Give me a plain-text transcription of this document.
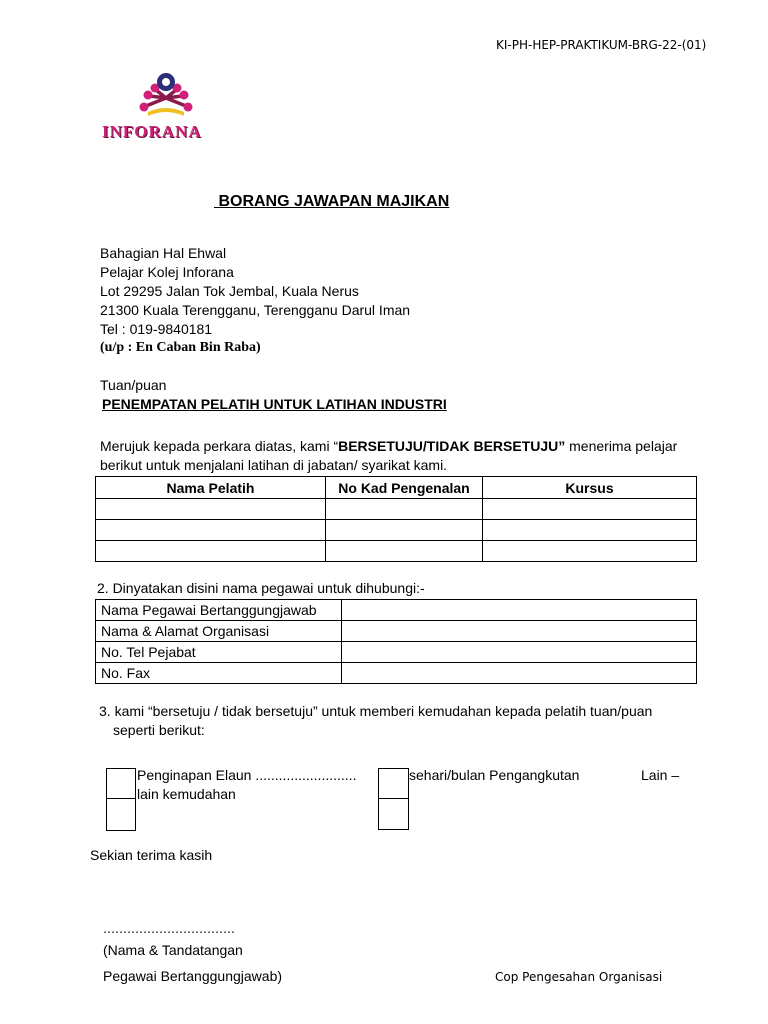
KI-PH-HEP-PRAKTIKUM-BRG-22-(01)
INFORANA
BORANG JAWAPAN MAJIKAN
Bahagian Hal Ehwal
Pelajar Kolej Inforana
Lot 29295 Jalan Tok Jembal, Kuala Nerus
21300 Kuala Terengganu, Terengganu Darul Iman
Tel : 019-9840181
(u/p : En Caban Bin Raba)
Tuan/puan
PENEMPATAN PELATIH UNTUK LATIHAN INDUSTRI
Merujuk kepada perkara diatas, kami “BERSETUJU/TIDAK BERSETUJU” menerima pelajar
berikut untuk menjalani latihan di jabatan/ syarikat kami.
Nama Pelatih	No Kad Pengenalan	Kursus

2. Dinyatakan disini nama pegawai untuk dihubungi:-
Nama Pegawai Bertanggungjawab	
Nama & Alamat Organisasi	
No. Tel Pejabat	
No. Fax	
3. kami “bersetuju / tidak bersetuju” untuk memberi kemudahan kepada pelatih tuan/puan
seperti berikut:
Penginapan Elaun ..........................	sehari/bulan Pengangkutan	Lain –
lain kemudahan
Sekian terima kasih
……………………………
(Nama & Tandatangan
Pegawai Bertanggungjawab)	Cop Pengesahan Organisasi
